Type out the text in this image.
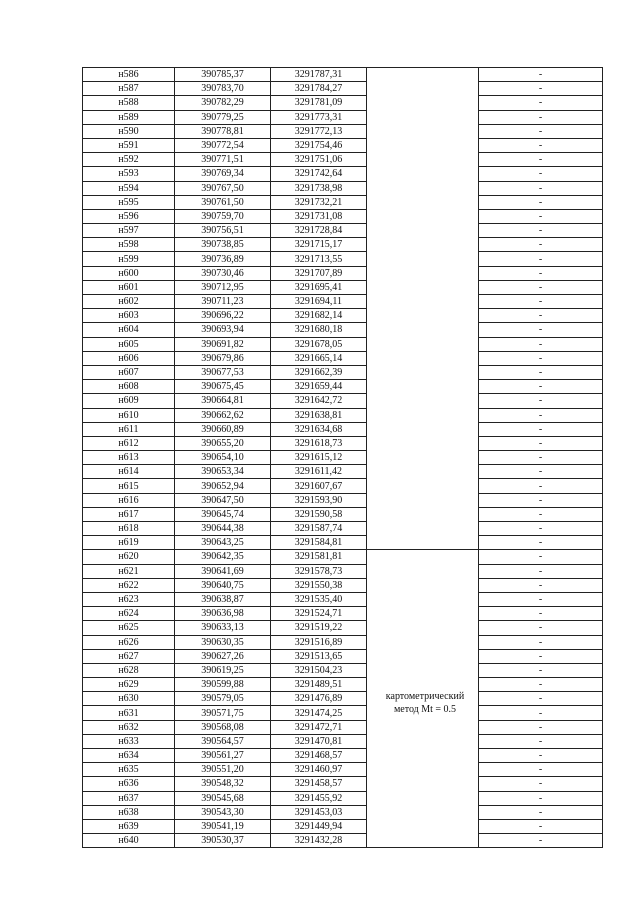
н586	390785,37	3291787,31		-
н587	390783,70	3291784,27		-
н588	390782,29	3291781,09		-
н589	390779,25	3291773,31		-
н590	390778,81	3291772,13		-
н591	390772,54	3291754,46		-
н592	390771,51	3291751,06		-
н593	390769,34	3291742,64		-
н594	390767,50	3291738,98		-
н595	390761,50	3291732,21		-
н596	390759,70	3291731,08		-
н597	390756,51	3291728,84		-
н598	390738,85	3291715,17		-
н599	390736,89	3291713,55		-
н600	390730,46	3291707,89		-
н601	390712,95	3291695,41		-
н602	390711,23	3291694,11		-
н603	390696,22	3291682,14		-
н604	390693,94	3291680,18		-
н605	390691,82	3291678,05		-
н606	390679,86	3291665,14		-
н607	390677,53	3291662,39		-
н608	390675,45	3291659,44		-
н609	390664,81	3291642,72		-
н610	390662,62	3291638,81		-
н611	390660,89	3291634,68		-
н612	390655,20	3291618,73		-
н613	390654,10	3291615,12		-
н614	390653,34	3291611,42		-
н615	390652,94	3291607,67		-
н616	390647,50	3291593,90		-
н617	390645,74	3291590,58		-
н618	390644,38	3291587,74		-
н619	390643,25	3291584,81		-
н620	390642,35	3291581,81		-
н621	390641,69	3291578,73		-
н622	390640,75	3291550,38		-
н623	390638,87	3291535,40		-
н624	390636,98	3291524,71		-
н625	390633,13	3291519,22		-
н626	390630,35	3291516,89		-
н627	390627,26	3291513,65		-
н628	390619,25	3291504,23		-
н629	390599,88	3291489,51		-
н630	390579,05	3291476,89		-
н631	390571,75	3291474,25		-
н632	390568,08	3291472,71		-
н633	390564,57	3291470,81		-
н634	390561,27	3291468,57		-
н635	390551,20	3291460,97		-
н636	390548,32	3291458,57		-
н637	390545,68	3291455,92		-
н638	390543,30	3291453,03		-
н639	390541,19	3291449,94		-
н640	390530,37	3291432,28		-
картометрический
метод Mt = 0.5
